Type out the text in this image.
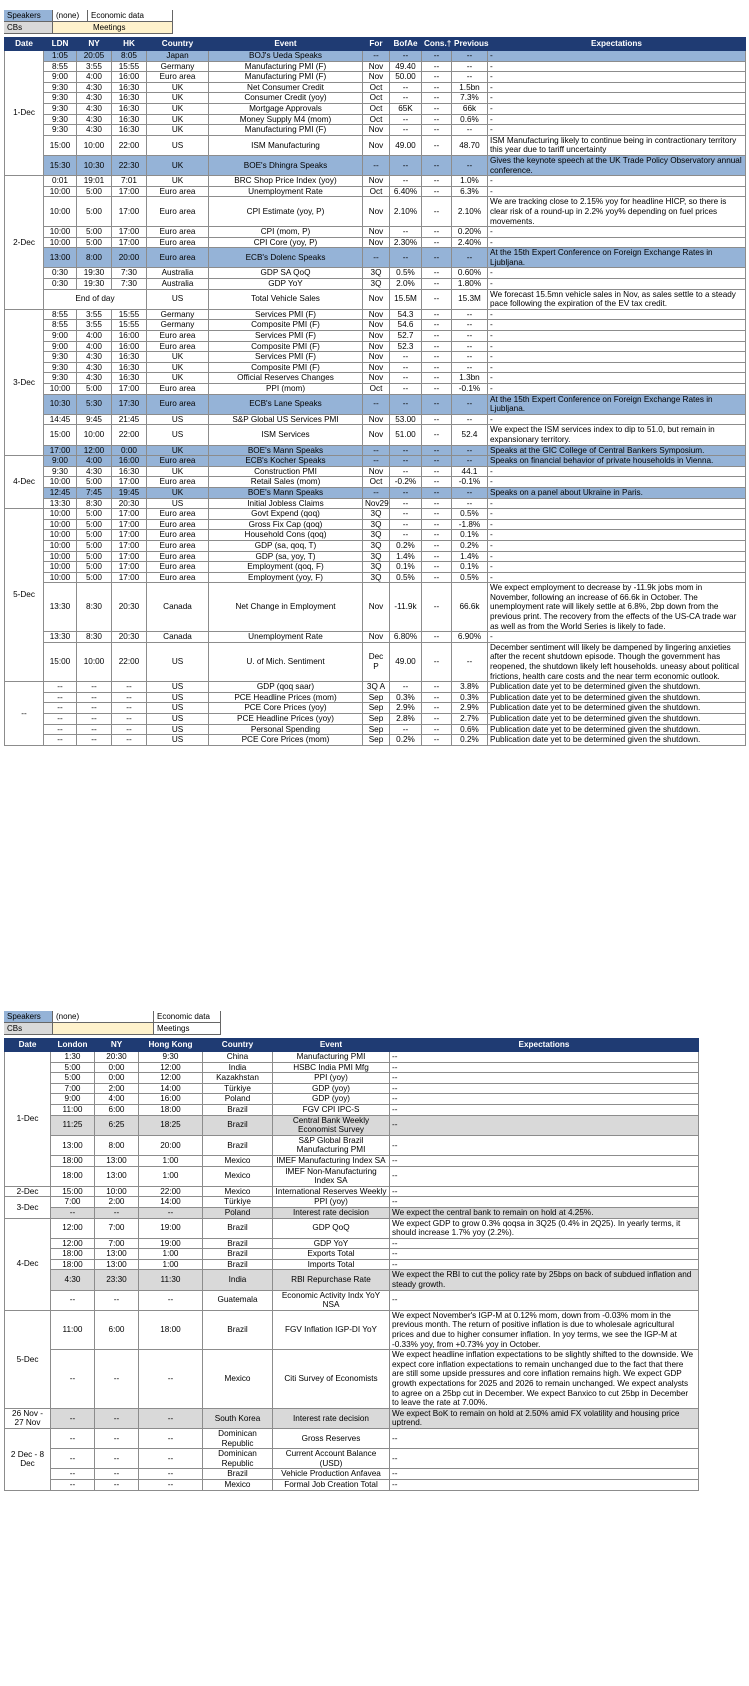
Speakers	(none)	Economic data
CBs	Meetings	
Date	LDN	NY	HK	Country	Event	For	BofAe	Cons.†	Previous	Expectations
1-Dec	1:05	20:05	8:05	Japan	BOJ's Ueda Speaks	--	--	--	--	-
	8:55	3:55	15:55	Germany	Manufacturing PMI (F)	Nov	49.40	--	--	-
	9:00	4:00	16:00	Euro area	Manufacturing PMI (F)	Nov	50.00	--	--	-
	9:30	4:30	16:30	UK	Net Consumer Credit	Oct	--	--	1.5bn	-
	9:30	4:30	16:30	UK	Consumer Credit (yoy)	Oct	--	--	7.3%	-
	9:30	4:30	16:30	UK	Mortgage Approvals	Oct	65K	--	66k	-
	9:30	4:30	16:30	UK	Money Supply M4 (mom)	Oct	--	--	0.6%	-
	9:30	4:30	16:30	UK	Manufacturing PMI (F)	Nov	--	--	--	-
	15:00	10:00	22:00	US	ISM Manufacturing	Nov	49.00	--	48.70	ISM Manufacturing likely to continue being in contractionary territory this year due to tariff uncertainty
	15:30	10:30	22:30	UK	BOE's Dhingra Speaks	--	--	--	--	Gives the keynote speech at the UK Trade Policy Observatory annual conference.
2-Dec	0:01	19:01	7:01	UK	BRC Shop Price Index (yoy)	Nov	--	--	1.0%	-
	10:00	5:00	17:00	Euro area	Unemployment Rate	Oct	6.40%	--	6.3%	-
	10:00	5:00	17:00	Euro area	CPI Estimate (yoy, P)	Nov	2.10%	--	2.10%	We are tracking close to 2.15% yoy for headline HICP, so there is clear risk of a round-up in 2.2% yoy% depending on fuel prices movements.
	10:00	5:00	17:00	Euro area	CPI (mom, P)	Nov	--	--	0.20%	-
	10:00	5:00	17:00	Euro area	CPI Core (yoy, P)	Nov	2.30%	--	2.40%	-
	13:00	8:00	20:00	Euro area	ECB's Dolenc Speaks	--	--	--	--	At the 15th Expert Conference on Foreign Exchange Rates in Ljubljana.
	0:30	19:30	7:30	Australia	GDP SA QoQ	3Q	0.5%	--	0.60%	-
	0:30	19:30	7:30	Australia	GDP YoY	3Q	2.0%	--	1.80%	-
	End of day			US	Total Vehicle Sales	Nov	15.5M	--	15.3M	We forecast 15.5mn vehicle sales in Nov, as sales settle to a steady pace following the expiration of the EV tax credit.
3-Dec	8:55	3:55	15:55	Germany	Services PMI (F)	Nov	54.3	--	--	-
	8:55	3:55	15:55	Germany	Composite PMI (F)	Nov	54.6	--	--	-
	9:00	4:00	16:00	Euro area	Services PMI (F)	Nov	52.7	--	--	-
	9:00	4:00	16:00	Euro area	Composite PMI (F)	Nov	52.3	--	--	-
	9:30	4:30	16:30	UK	Services PMI (F)	Nov	--	--	--	-
	9:30	4:30	16:30	UK	Composite PMI (F)	Nov	--	--	--	-
	9:30	4:30	16:30	UK	Official Reserves Changes	Nov	--	--	1.3bn	-
	10:00	5:00	17:00	Euro area	PPI (mom)	Oct	--	--	-0.1%	-
	10:30	5:30	17:30	Euro area	ECB's Lane Speaks	--	--	--	--	At the 15th Expert Conference on Foreign Exchange Rates in Ljubljana.
	14:45	9:45	21:45	US	S&P Global US Services PMI	Nov	53.00	--	--	-
	15:00	10:00	22:00	US	ISM Services	Nov	51.00	--	52.4	We expect the ISM services index to dip to 51.0, but remain in expansionary territory.
	17:00	12:00	0:00	UK	BOE's Mann Speaks	--	--	--	--	Speaks at the GIC College of Central Bankers Symposium.
4-Dec	9:00	4:00	16:00	Euro area	ECB's Kocher Speaks	--	--	--	--	Speaks on financial behavior of private households in Vienna.
	9:30	4:30	16:30	UK	Construction PMI	Nov	--	--	44.1	-
	10:00	5:00	17:00	Euro area	Retail Sales (mom)	Oct	-0.2%	--	-0.1%	-
	12:45	7:45	19:45	UK	BOE's Mann Speaks	--	--	--	--	Speaks on a panel about Ukraine in Paris.
	13:30	8:30	20:30	US	Initial Jobless Claims	Nov29	--	--	--	-
5-Dec	10:00	5:00	17:00	Euro area	Govt Expend (qoq)	3Q	--	--	0.5%	-
	10:00	5:00	17:00	Euro area	Gross Fix Cap (qoq)	3Q	--	--	-1.8%	-
	10:00	5:00	17:00	Euro area	Household Cons (qoq)	3Q	--	--	0.1%	-
	10:00	5:00	17:00	Euro area	GDP (sa, qoq, T)	3Q	0.2%	--	0.2%	-
	10:00	5:00	17:00	Euro area	GDP (sa, yoy, T)	3Q	1.4%	--	1.4%	-
	10:00	5:00	17:00	Euro area	Employment (qoq, F)	3Q	0.1%	--	0.1%	-
	10:00	5:00	17:00	Euro area	Employment (yoy, F)	3Q	0.5%	--	0.5%	-
	13:30	8:30	20:30	Canada	Net Change in Employment	Nov	-11.9k	--	66.6k	We expect employment to decrease by -11.9k jobs mom in November, following an increase of 66.6k in October. The unemployment rate will likely settle at 6.8%, 2bp down from the previous print. The recovery from the effects of the US-CA trade war as well as from the World Series is likely to fade.
	13:30	8:30	20:30	Canada	Unemployment Rate	Nov	6.80%	--	6.90%	-
	15:00	10:00	22:00	US	U. of Mich. Sentiment	Dec P	49.00	--	--	December sentiment will likely be dampened by lingering anxieties after the recent shutdown episode. Though the government has reopened, the shutdown likely left households. uneasy about political frictions, health care costs and the near term economic outlook.
--	--	--	--	US	GDP (qoq saar)	3Q A	--	--	3.8%	Publication date yet to be determined given the shutdown.
	--	--	--	US	PCE Headline Prices (mom)	Sep	0.3%	--	0.3%	Publication date yet to be determined given the shutdown.
	--	--	--	US	PCE Core Prices (yoy)	Sep	2.9%	--	2.9%	Publication date yet to be determined given the shutdown.
	--	--	--	US	PCE Headline Prices (yoy)	Sep	2.8%	--	2.7%	Publication date yet to be determined given the shutdown.
	--	--	--	US	Personal Spending	Sep	--	--	0.6%	Publication date yet to be determined given the shutdown.
	--	--	--	US	PCE Core Prices (mom)	Sep	0.2%	--	0.2%	Publication date yet to be determined given the shutdown.
Speakers	(none)	Economic data
CBs		Meetings
Date	London	NY	Hong Kong	Country	Event	Expectations
1-Dec	1:30	20:30	9:30	China	Manufacturing PMI	--
	5:00	0:00	12:00	India	HSBC India PMI Mfg	--
	5:00	0:00	12:00	Kazakhstan	PPI (yoy)	--
	7:00	2:00	14:00	Türkiye	GDP (yoy)	--
	9:00	4:00	16:00	Poland	GDP (yoy)	--
	11:00	6:00	18:00	Brazil	FGV CPI IPC-S	--
	11:25	6:25	18:25	Brazil	Central Bank Weekly Economist Survey	--
	13:00	8:00	20:00	Brazil	S&P Global Brazil Manufacturing PMI	--
	18:00	13:00	1:00	Mexico	IMEF Manufacturing Index SA	--
	18:00	13:00	1:00	Mexico	IMEF Non-Manufacturing Index SA	--
2-Dec	15:00	10:00	22:00	Mexico	International Reserves Weekly	--
3-Dec	7:00	2:00	14:00	Türkiye	PPI (yoy)	--
	--	--	--	Poland	Interest rate decision	We expect the central bank to remain on hold at 4.25%.
4-Dec	12:00	7:00	19:00	Brazil	GDP QoQ	We expect GDP to grow 0.3% qoqsa in 3Q25 (0.4% in 2Q25). In yearly terms, it should increase 1.7% yoy (2.2%).
	12:00	7:00	19:00	Brazil	GDP YoY	--
	18:00	13:00	1:00	Brazil	Exports Total	--
	18:00	13:00	1:00	Brazil	Imports Total	--
	4:30	23:30	11:30	India	RBI Repurchase Rate	We expect the RBI to cut the policy rate by 25bps on back of subdued inflation and steady growth.
	--	--	--	Guatemala	Economic Activity Indx YoY NSA	--
5-Dec	11:00	6:00	18:00	Brazil	FGV Inflation IGP-DI YoY	We expect November's IGP-M at 0.12% mom, down from -0.03% mom in the previous month. The return of positive inflation is due to wholesale agricultural prices and due to higher consumer inflation. In yoy terms, we see the IGP-M at -0.33% yoy, from +0.73% yoy in October.
	--	--	--	Mexico	Citi Survey of Economists	We expect headline inflation expectations to be slightly shifted to the downside. We expect core inflation expectations to remain unchanged due to the fact that there are still some upside pressures and core inflation remains high. We expect GDP growth expectations for 2025 and 2026 to remain unchanged. We expect analysts to agree on a 25bp cut in December. We expect Banxico to cut 25bp in December to leave the rate at 7.00%.
26 Nov - 27 Nov	--	--	--	South Korea	Interest rate decision	We expect BoK to remain on hold at 2.50% amid FX volatility and housing price uptrend.
2 Dec - 8 Dec	--	--	--	Dominican Republic	Gross Reserves	--
	--	--	--	Dominican Republic	Current Account Balance (USD)	--
	--	--	--	Brazil	Vehicle Production Anfavea	--
	--	--	--	Mexico	Formal Job Creation Total	--
